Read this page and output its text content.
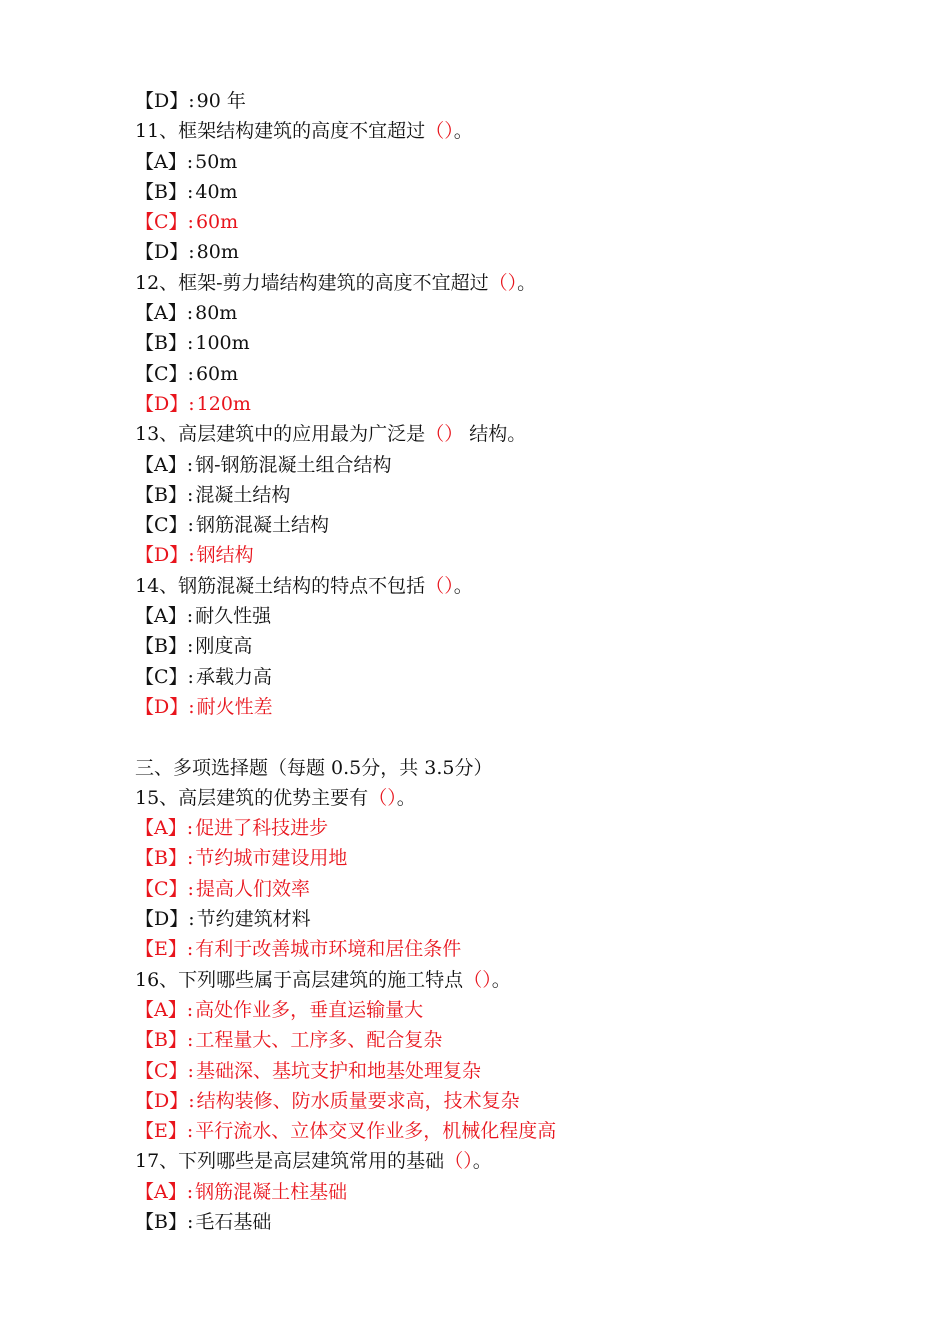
【D】: 90 年
11、框架结构建筑的高度不宜超过（）。
【A】: 50m
【B】: 40m
【C】: 60m
【D】: 80m
12、框架-剪力墙结构建筑的高度不宜超过（）。
【A】: 80m
【B】: 100m
【C】: 60m
【D】: 120m
13、高层建筑中的应用最为广泛是（） 结构。
【A】: 钢-钢筋混凝土组合结构
【B】: 混凝土结构
【C】: 钢筋混凝土结构
【D】: 钢结构
14、钢筋混凝土结构的特点不包括（）。
【A】: 耐久性强
【B】: 刚度高
【C】: 承载力高
【D】: 耐火性差
三、多项选择题（每题 0.5分，共 3.5分）
15、高层建筑的优势主要有（）。
【A】: 促进了科技进步
【B】: 节约城市建设用地
【C】: 提高人们效率
【D】: 节约建筑材料
【E】: 有利于改善城市环境和居住条件
16、下列哪些属于高层建筑的施工特点（）。
【A】: 高处作业多，垂直运输量大
【B】: 工程量大、工序多、配合复杂
【C】: 基础深、基坑支护和地基处理复杂
【D】: 结构装修、防水质量要求高，技术复杂
【E】: 平行流水、立体交叉作业多，机械化程度高
17、下列哪些是高层建筑常用的基础（）。
【A】: 钢筋混凝土柱基础
【B】: 毛石基础
